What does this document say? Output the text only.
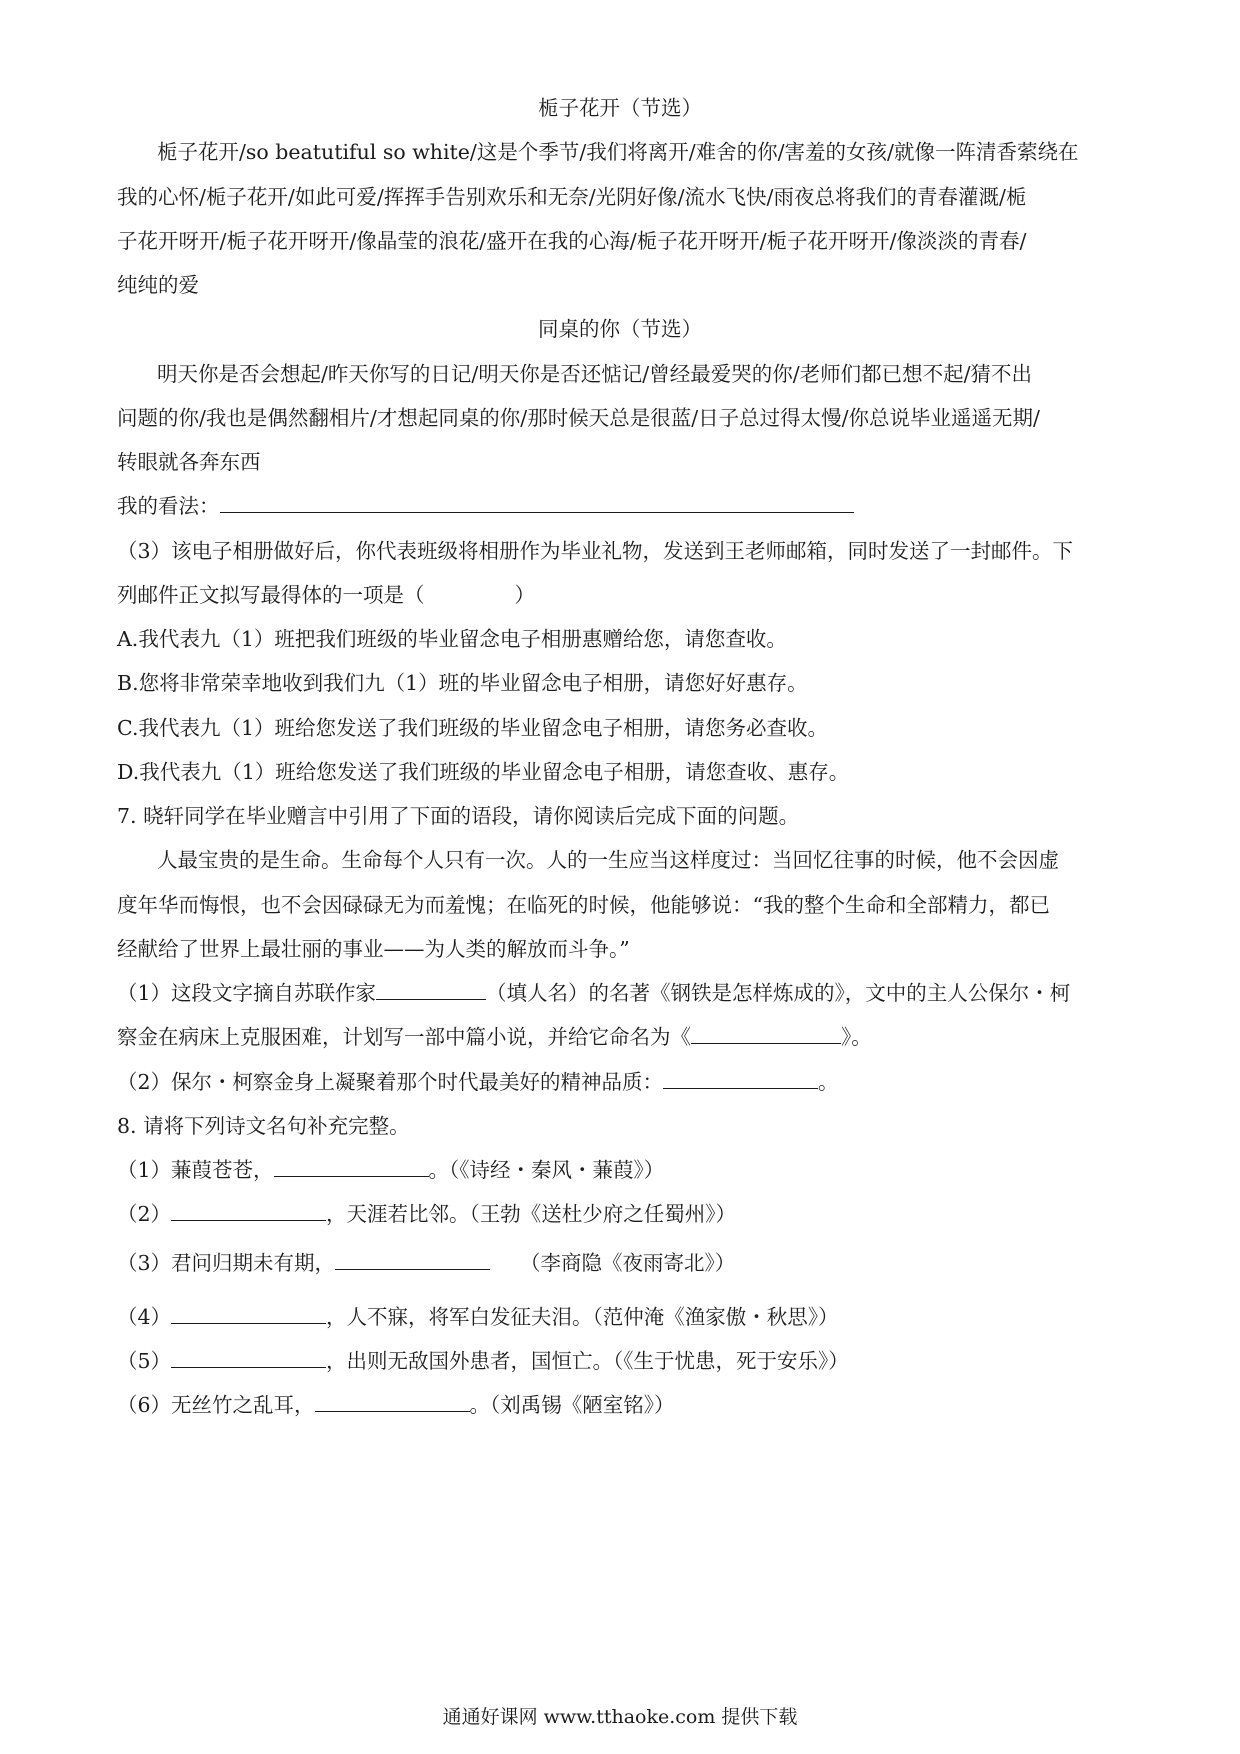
栀子花开（节选）
栀子花开/so beatutiful so white/这是个季节/我们将离开/难舍的你/害羞的女孩/就像一阵清香萦绕在
我的心怀/栀子花开/如此可爱/挥挥手告别欢乐和无奈/光阴好像/流水飞快/雨夜总将我们的青春灌溉/栀
子花开呀开/栀子花开呀开/像晶莹的浪花/盛开在我的心海/栀子花开呀开/栀子花开呀开/像淡淡的青春/
纯纯的爱
同桌的你（节选）
明天你是否会想起/昨天你写的日记/明天你是否还惦记/曾经最爱哭的你/老师们都已想不起/猜不出
问题的你/我也是偶然翻相片/才想起同桌的你/那时候天总是很蓝/日子总过得太慢/你总说毕业遥遥无期/
转眼就各奔东西
我的看法：
（3）该电子相册做好后，你代表班级将相册作为毕业礼物，发送到王老师邮箱，同时发送了一封邮件。下
列邮件正文拟写最得体的一项是（	）
A.我代表九（1）班把我们班级的毕业留念电子相册惠赠给您，请您查收。
B.您将非常荣幸地收到我们九（1）班的毕业留念电子相册，请您好好惠存。
C.我代表九（1）班给您发送了我们班级的毕业留念电子相册，请您务必查收。
D.我代表九（1）班给您发送了我们班级的毕业留念电子相册，请您查收、惠存。
7. 晓轩同学在毕业赠言中引用了下面的语段，请你阅读后完成下面的问题。
人最宝贵的是生命。生命每个人只有一次。人的一生应当这样度过：当回忆往事的时候，他不会因虚
度年华而悔恨，也不会因碌碌无为而羞愧；在临死的时候，他能够说：“我的整个生命和全部精力，都已
经献给了世界上最壮丽的事业——为人类的解放而斗争。”
（1）这段文字摘自苏联作家	（填人名）的名著《钢铁是怎样炼成的》，文中的主人公保尔・柯
察金在病床上克服困难，计划写一部中篇小说，并给它命名为《	》。
（2）保尔・柯察金身上凝聚着那个时代最美好的精神品质：	。
8. 请将下列诗文名句补充完整。
（1）蒹葭苍苍，	。（《诗经・秦风・蒹葭》）
（2）	，天涯若比邻。（王勃《送杜少府之任蜀州》）
（3）君问归期未有期，	（李商隐《夜雨寄北》）
（4）	，人不寐，将军白发征夫泪。（范仲淹《渔家傲・秋思》）
（5）	，出则无敌国外患者，国恒亡。（《生于忧患，死于安乐》）
（6）无丝竹之乱耳，	。（刘禹锡《陋室铭》）
通通好课网 www.tthaoke.com 提供下载
